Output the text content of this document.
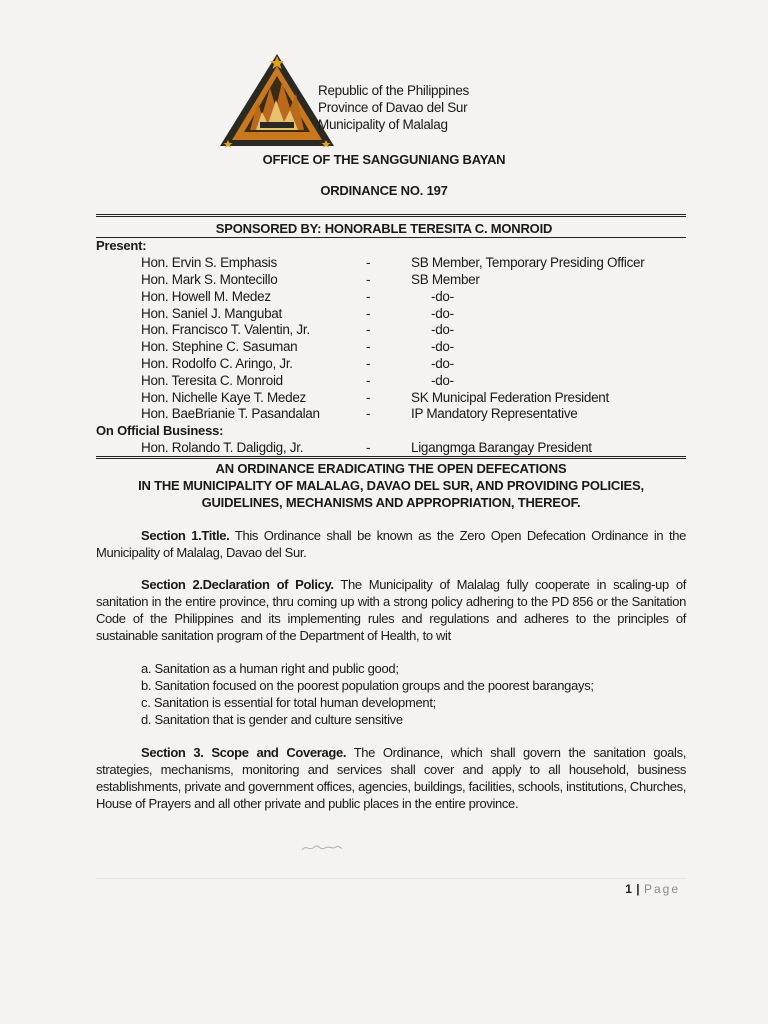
Republic of the Philippines
Province of Davao del Sur
Municipality of Malalag
OFFICE OF THE SANGGUNIANG BAYAN
ORDINANCE NO. 197
SPONSORED BY: HONORABLE TERESITA C. MONROID
Present:
Hon. Ervin S. Emphasis	-	SB Member, Temporary Presiding Officer
Hon. Mark S. Montecillo	-	SB Member
Hon. Howell M. Medez	-	-do-
Hon. Saniel J. Mangubat	-	-do-
Hon. Francisco T. Valentin, Jr.	-	-do-
Hon. Stephine C. Sasuman	-	-do-
Hon. Rodolfo C. Aringo, Jr.	-	-do-
Hon. Teresita C. Monroid	-	-do-
Hon. Nichelle Kaye T. Medez	-	SK Municipal Federation President
Hon. BaeBrianie T. Pasandalan	-	IP Mandatory Representative
On Official Business:
Hon. Rolando T. Daligdig, Jr.	-	Ligangmga Barangay President
AN ORDINANCE ERADICATING THE OPEN DEFECATIONS
IN THE MUNICIPALITY OF MALALAG, DAVAO DEL SUR, AND PROVIDING POLICIES,
GUIDELINES, MECHANISMS AND APPROPRIATION, THEREOF.
Section 1.Title. This Ordinance shall be known as the Zero Open Defecation Ordinance in the Municipality of Malalag, Davao del Sur.
Section 2.Declaration of Policy. The Municipality of Malalag fully cooperate in scaling-up of sanitation in the entire province, thru coming up with a strong policy adhering to the PD 856 or the Sanitation Code of the Philippines and its implementing rules and regulations and adheres to the principles of sustainable sanitation program of the Department of Health, to wit
a. Sanitation as a human right and public good;
b. Sanitation focused on the poorest population groups and the poorest barangays;
c. Sanitation is essential for total human development;
d. Sanitation that is gender and culture sensitive
Section 3. Scope and Coverage. The Ordinance, which shall govern the sanitation goals, strategies, mechanisms, monitoring and services shall cover and apply to all household, business establishments, private and government offices, agencies, buildings, facilities, schools, institutions, Churches, House of Prayers and all other private and public places in the entire province.
1 | Page
